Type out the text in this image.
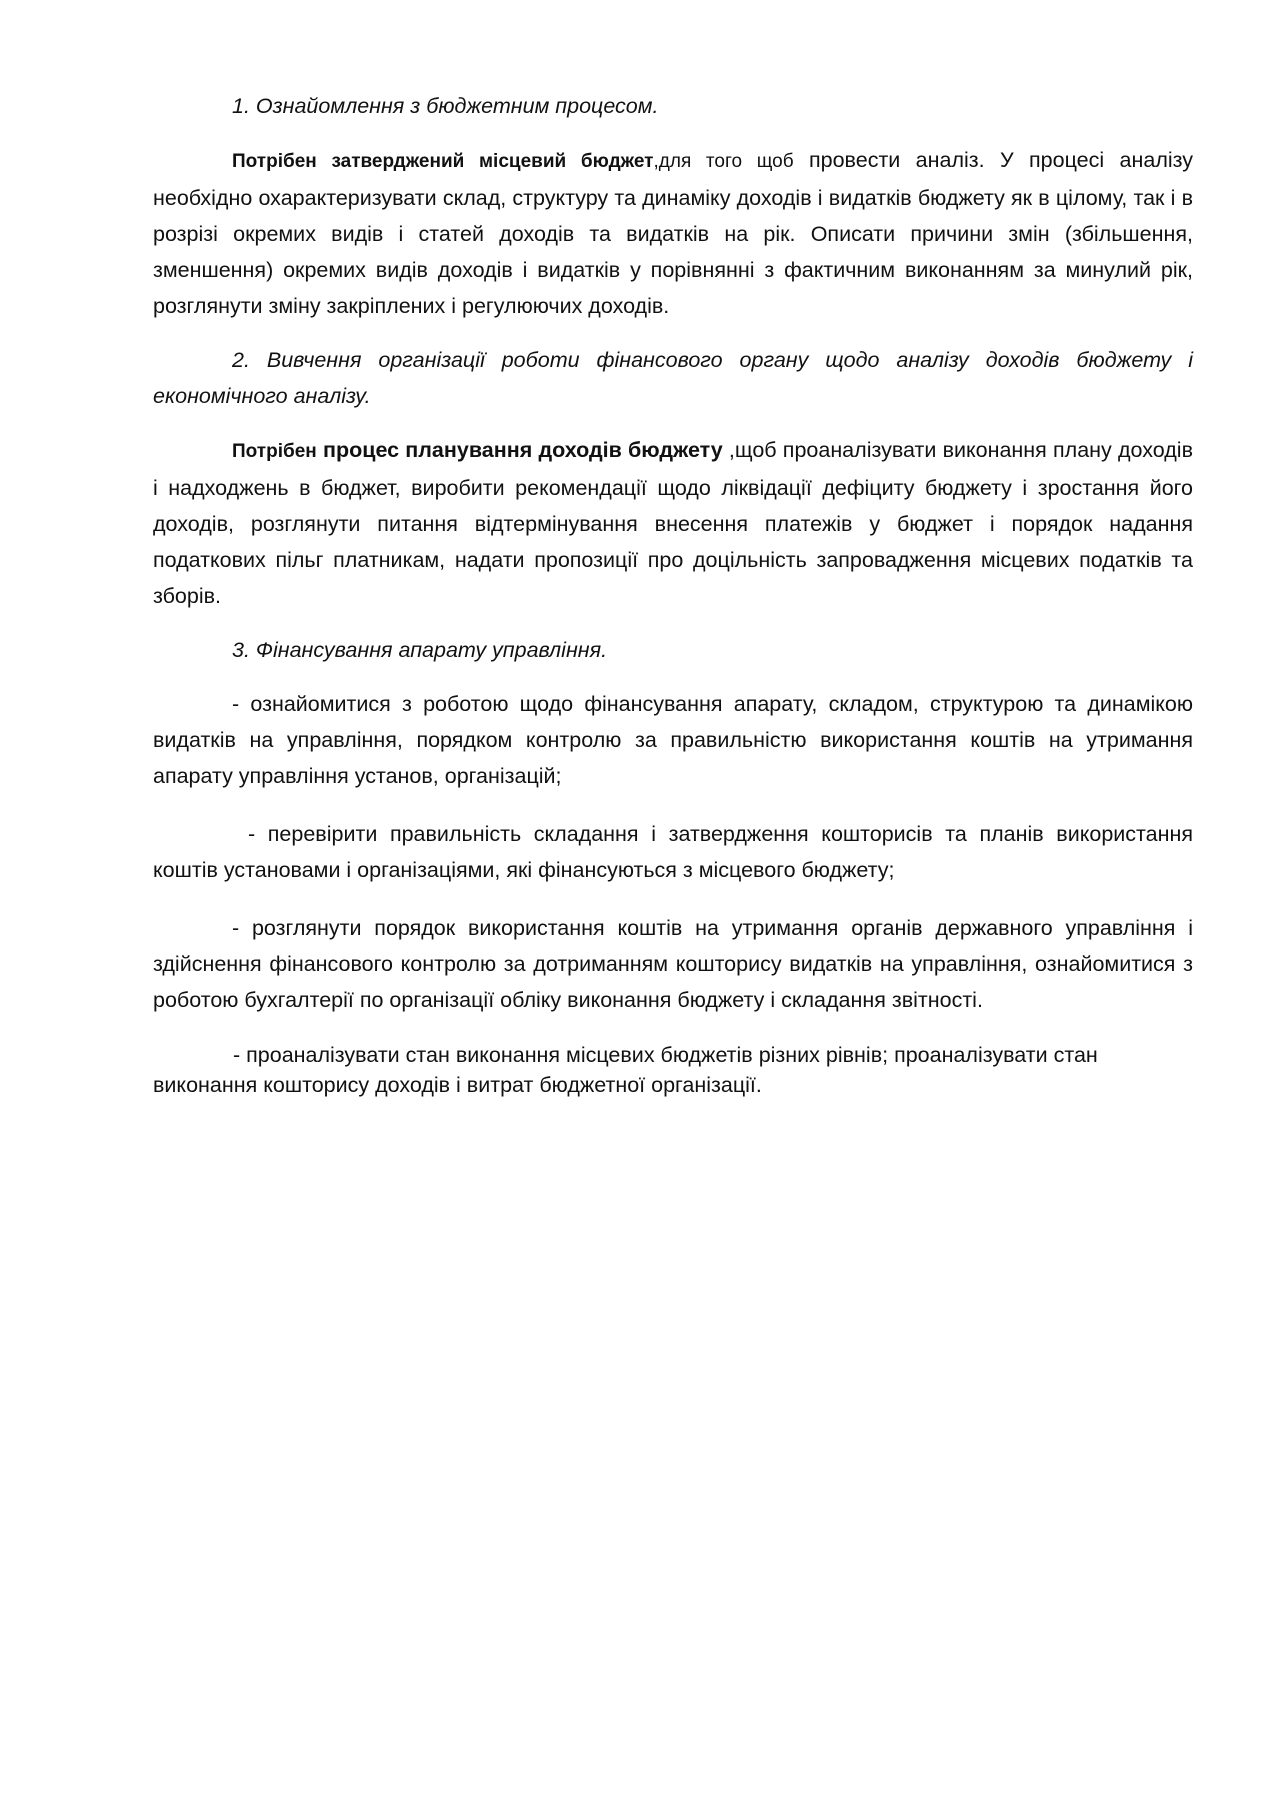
1. Ознайомлення з бюджетним процесом.

Потрібен затверджений місцевий бюджет,для того щоб провести аналіз. У процесі аналізу необхідно охарактеризувати склад, структуру та динаміку доходів і видатків бюджету як в цілому, так і в розрізі окремих видів і статей доходів та видатків на рік. Описати причини змін (збільшення, зменшення) окремих видів доходів і видатків у порівнянні з фактичним виконанням за минулий рік, розглянути зміну закріплених і регулюючих доходів.

2. Вивчення організації роботи фінансового органу щодо аналізу доходів бюджету і економічного аналізу.

Потрібен процес планування доходів бюджету ,щоб проаналізувати виконання плану доходів і надходжень в бюджет, виробити рекомендації щодо ліквідації дефіциту бюджету і зростання його доходів, розглянути питання відтермінування внесення платежів у бюджет і порядок надання податкових пільг платникам, надати пропозиції про доцільність запровадження місцевих податків та зборів.

3. Фінансування апарату управління.

- ознайомитися з роботою щодо фінансування апарату, складом, структурою та динамікою видатків на управління, порядком контролю за правильністю використання коштів на утримання апарату управління установ, організацій;

- перевірити правильність складання і затвердження кошторисів та планів використання коштів установами і організаціями, які фінансуються з місцевого бюджету;

- розглянути порядок використання коштів на утримання органів державного управління і здійснення фінансового контролю за дотриманням кошторису видатків на управління, ознайомитися з роботою бухгалтерії по організації обліку виконання бюджету і складання звітності.

- проаналізувати стан виконання місцевих бюджетів різних рівнів; проаналізувати стан виконання кошторису доходів і витрат бюджетної організації.
